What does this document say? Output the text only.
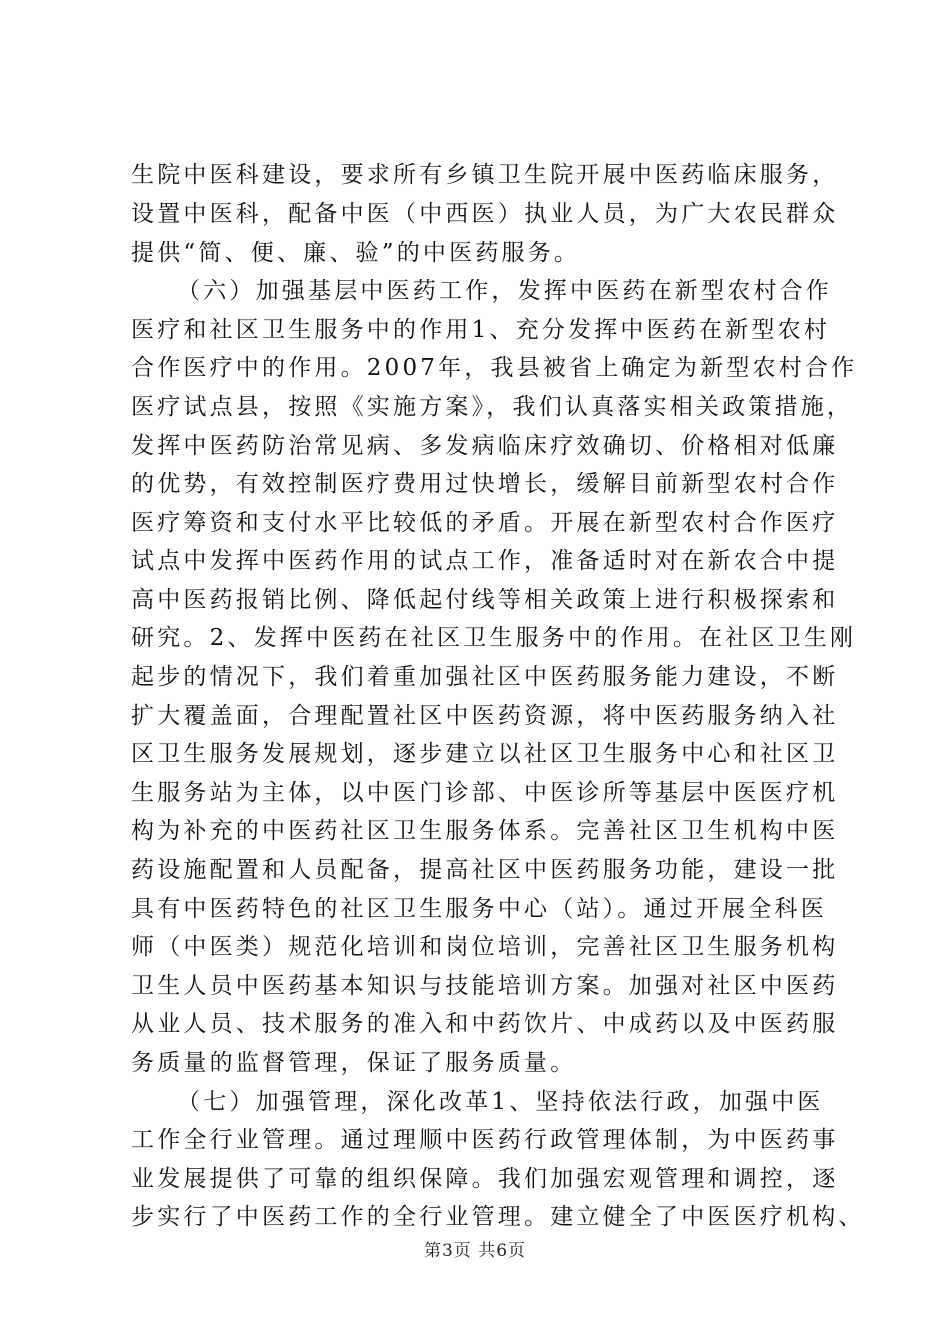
生院中医科建设，要求所有乡镇卫生院开展中医药临床服务，
设置中医科，配备中医（中西医）执业人员，为广大农民群众
提供“简、便、廉、验”的中医药服务。
（六）加强基层中医药工作，发挥中医药在新型农村合作
医疗和社区卫生服务中的作用1、充分发挥中医药在新型农村
合作医疗中的作用。2007年，我县被省上确定为新型农村合作
医疗试点县，按照《实施方案》，我们认真落实相关政策措施，
发挥中医药防治常见病、多发病临床疗效确切、价格相对低廉
的优势，有效控制医疗费用过快增长，缓解目前新型农村合作
医疗筹资和支付水平比较低的矛盾。开展在新型农村合作医疗
试点中发挥中医药作用的试点工作，准备适时对在新农合中提
高中医药报销比例、降低起付线等相关政策上进行积极探索和
研究。2、发挥中医药在社区卫生服务中的作用。在社区卫生刚
起步的情况下，我们着重加强社区中医药服务能力建设，不断
扩大覆盖面，合理配置社区中医药资源，将中医药服务纳入社
区卫生服务发展规划，逐步建立以社区卫生服务中心和社区卫
生服务站为主体，以中医门诊部、中医诊所等基层中医医疗机
构为补充的中医药社区卫生服务体系。完善社区卫生机构中医
药设施配置和人员配备，提高社区中医药服务功能，建设一批
具有中医药特色的社区卫生服务中心（站）。通过开展全科医
师（中医类）规范化培训和岗位培训，完善社区卫生服务机构
卫生人员中医药基本知识与技能培训方案。加强对社区中医药
从业人员、技术服务的准入和中药饮片、中成药以及中医药服
务质量的监督管理，保证了服务质量。
（七）加强管理，深化改革1、坚持依法行政，加强中医
工作全行业管理。通过理顺中医药行政管理体制，为中医药事
业发展提供了可靠的组织保障。我们加强宏观管理和调控，逐
步实行了中医药工作的全行业管理。建立健全了中医医疗机构、
第3页 共6页
